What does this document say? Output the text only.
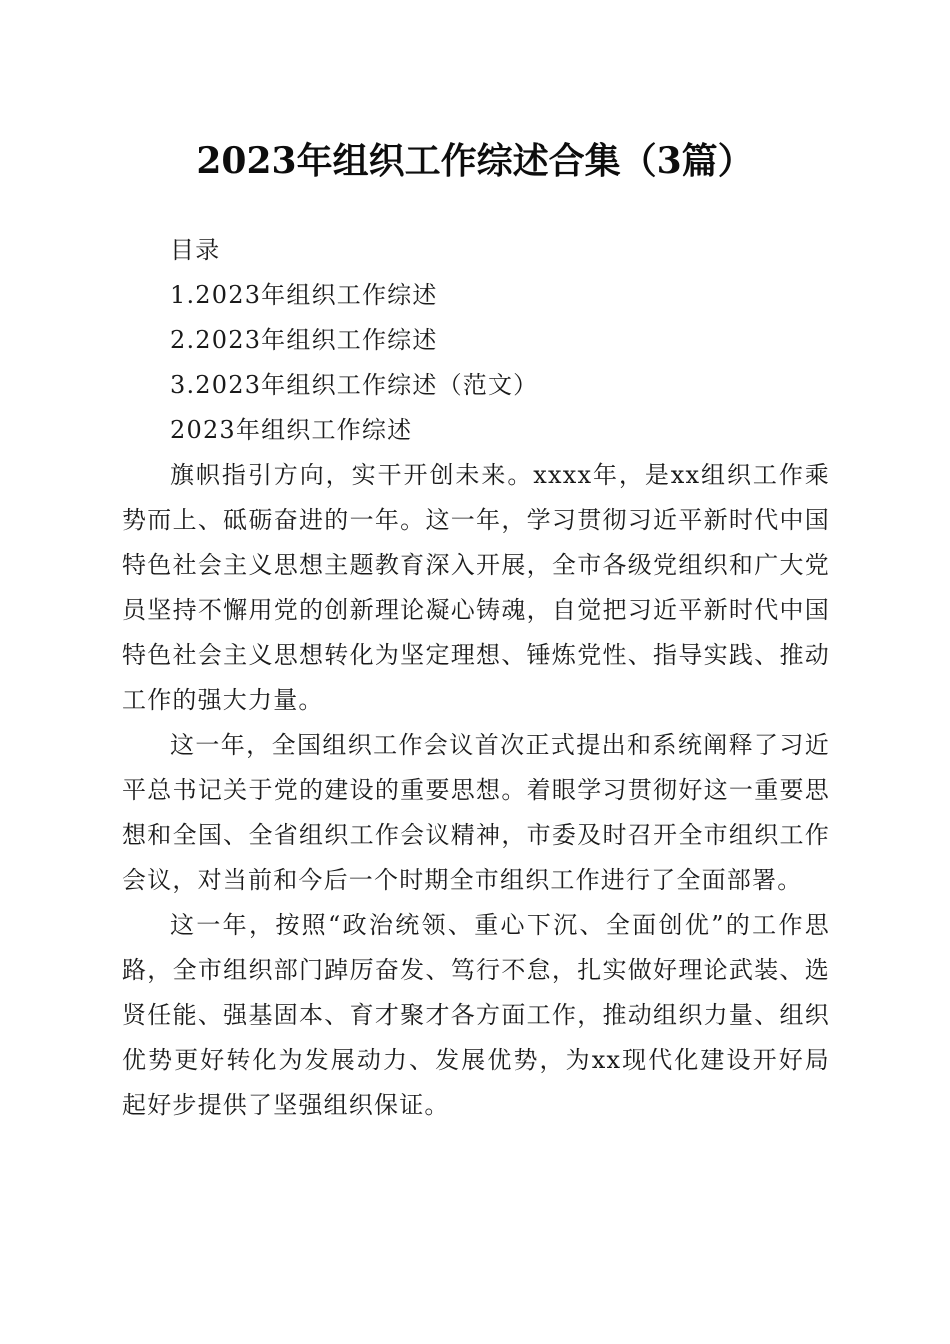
2023年组织工作综述合集（3篇）
目录
1.2023年组织工作综述
2.2023年组织工作综述
3.2023年组织工作综述（范文）
2023年组织工作综述

旗帜指引方向，实干开创未来。xxxx年，是xx组织工作乘势而上、砥砺奋进的一年。这一年，学习贯彻习近平新时代中国特色社会主义思想主题教育深入开展，全市各级党组织和广大党员坚持不懈用党的创新理论凝心铸魂，自觉把习近平新时代中国特色社会主义思想转化为坚定理想、锤炼党性、指导实践、推动工作的强大力量。

这一年，全国组织工作会议首次正式提出和系统阐释了习近平总书记关于党的建设的重要思想。着眼学习贯彻好这一重要思想和全国、全省组织工作会议精神，市委及时召开全市组织工作会议，对当前和今后一个时期全市组织工作进行了全面部署。

这一年，按照“政治统领、重心下沉、全面创优”的工作思路，全市组织部门踔厉奋发、笃行不怠，扎实做好理论武装、选贤任能、强基固本、育才聚才各方面工作，推动组织力量、组织优势更好转化为发展动力、发展优势，为xx现代化建设开好局起好步提供了坚强组织保证。
